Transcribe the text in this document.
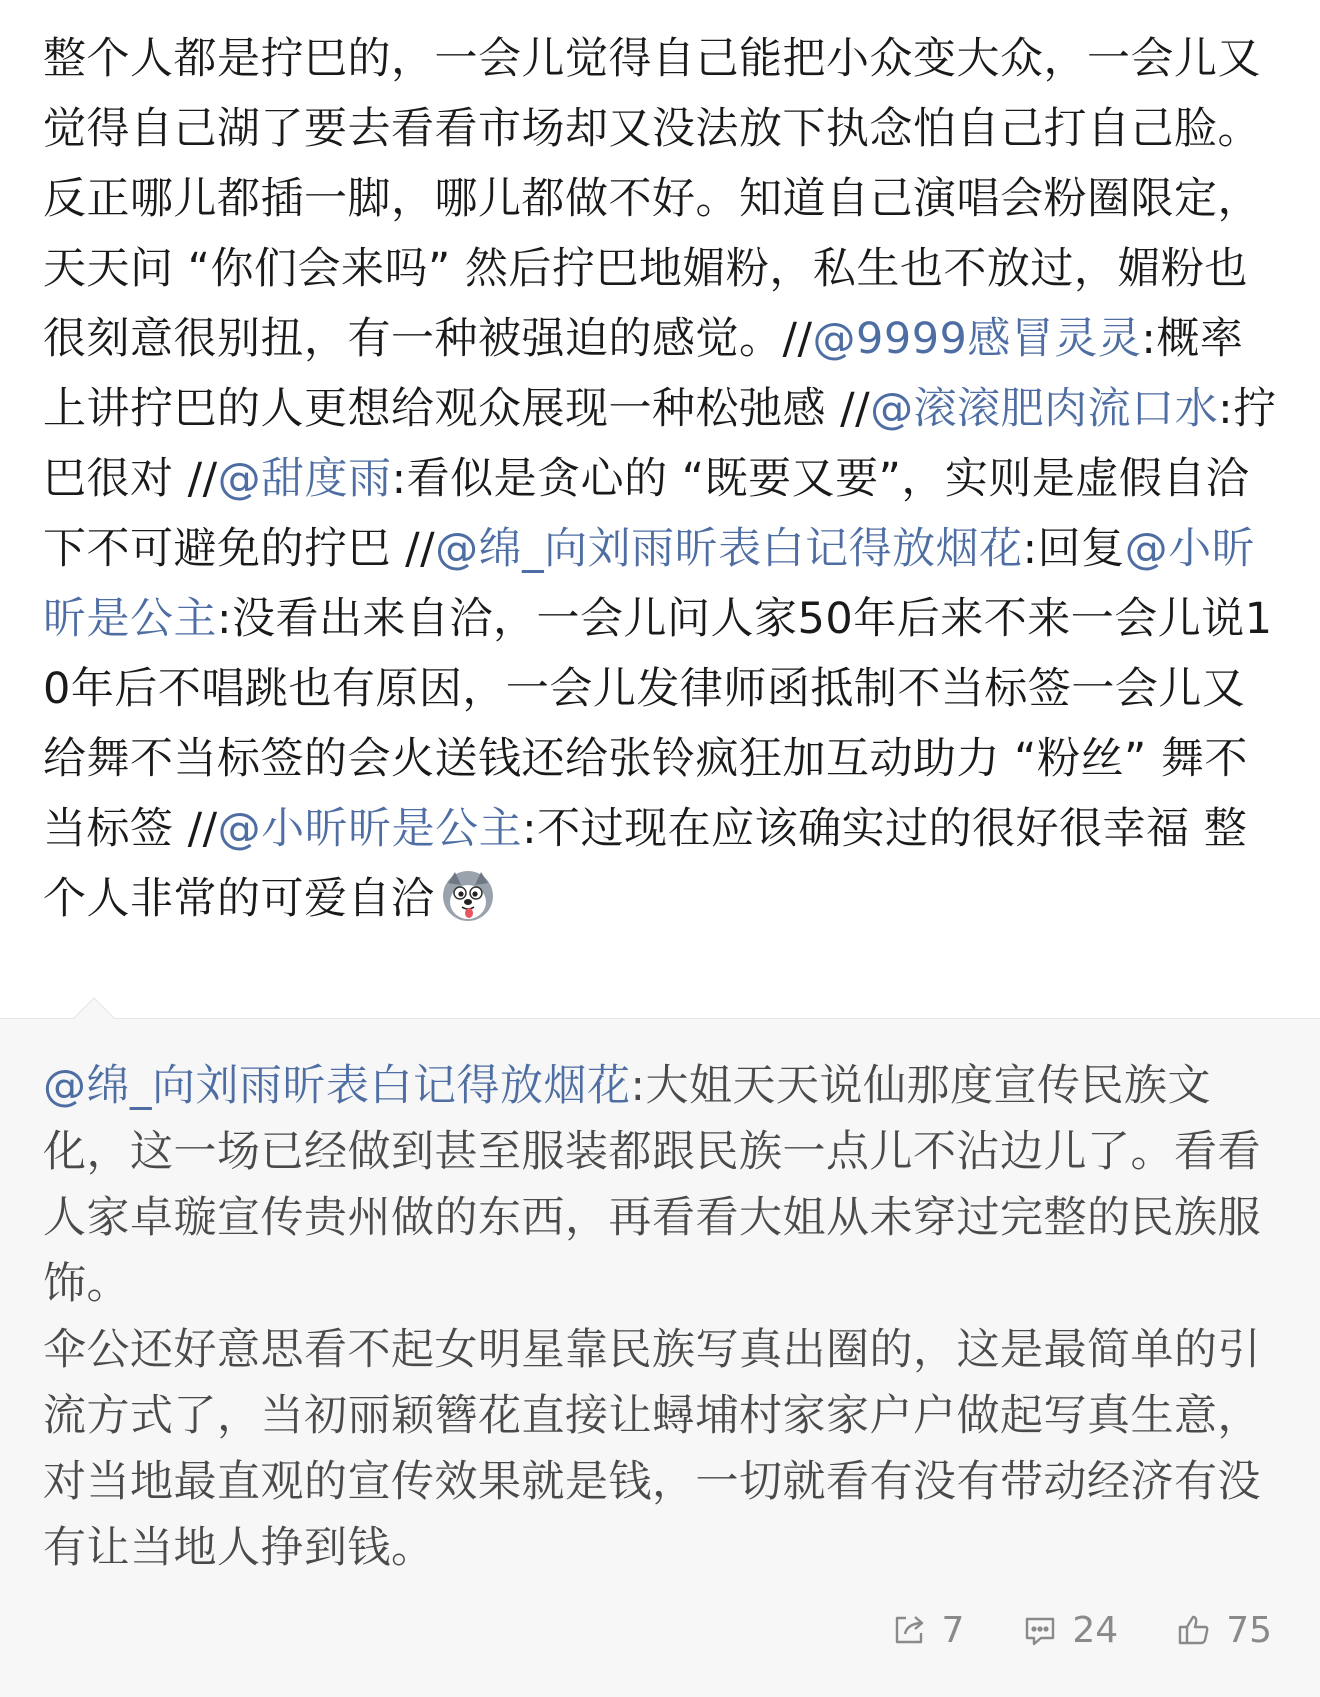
整个人都是拧巴的，一会儿觉得自己能把小众变大众，一会儿又觉得自己湖了要去看看市场却又没法放下执念怕自己打自己脸。反正哪儿都插一脚，哪儿都做不好。知道自己演唱会粉圈限定，天天问 “你们会来吗” 然后拧巴地媚粉，私生也不放过，媚粉也很刻意很别扭，有一种被强迫的感觉。//@9999感冒灵灵:概率上讲拧巴的人更想给观众展现一种松弛感 //@滚滚肥肉流口水:拧巴很对 //@甜度雨:看似是贪心的 “既要又要”，实则是虚假自洽下不可避免的拧巴 //@绵_向刘雨昕表白记得放烟花:回复@小昕昕是公主:没看出来自洽，一会儿问人家50年后来不来一会儿说10年后不唱跳也有原因，一会儿发律师函抵制不当标签一会儿又给舞不当标签的会火送钱还给张铃疯狂加互动助力 “粉丝” 舞不当标签 //@小昕昕是公主:不过现在应该确实过的很好很幸福 整个人非常的可爱自洽

@绵_向刘雨昕表白记得放烟花:大姐天天说仙那度宣传民族文化，这一场已经做到甚至服装都跟民族一点儿不沾边儿了。看看人家卓璇宣传贵州做的东西，再看看大姐从未穿过完整的民族服饰。

伞公还好意思看不起女明星靠民族写真出圈的，这是最简单的引流方式了，当初丽颖簪花直接让蟳埔村家家户户做起写真生意，对当地最直观的宣传效果就是钱，一切就看有没有带动经济有没有让当地人挣到钱。

7	24	75
